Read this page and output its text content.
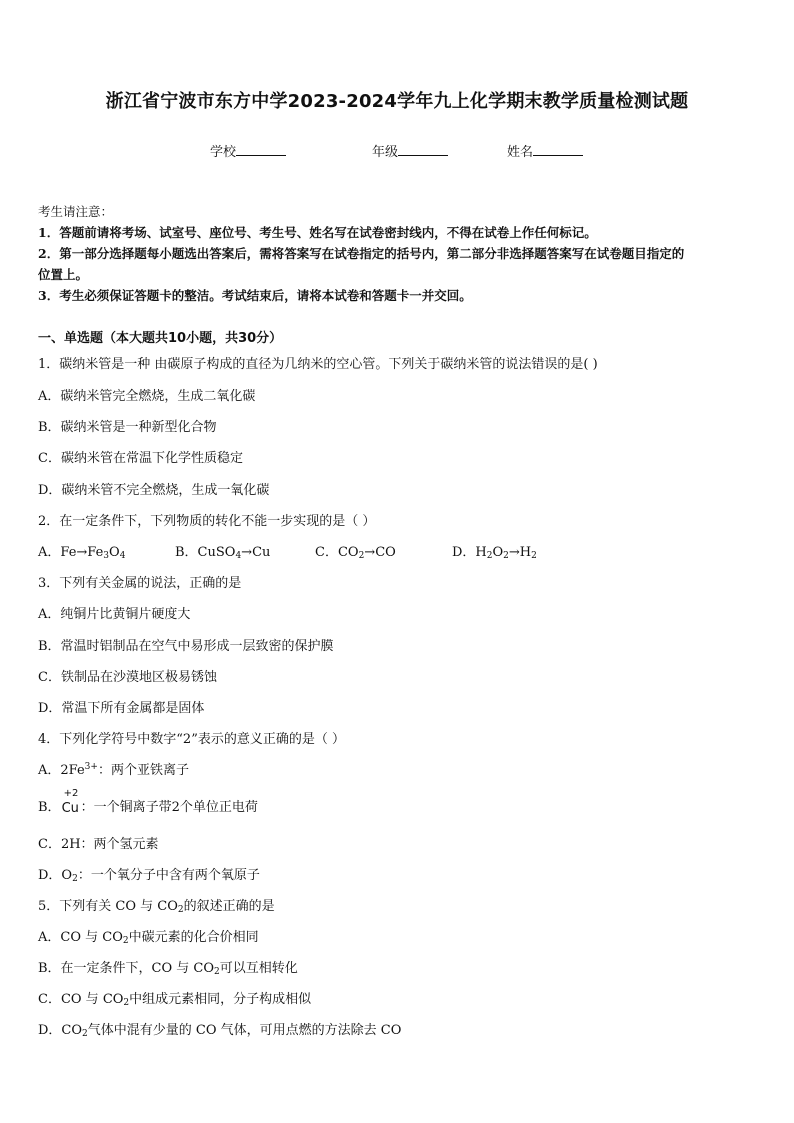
浙江省宁波市东方中学2023-2024学年九上化学期末教学质量检测试题
学校	年级	姓名
考生请注意：
1．答题前请将考场、试室号、座位号、考生号、姓名写在试卷密封线内，不得在试卷上作任何标记。
2．第一部分选择题每小题选出答案后，需将答案写在试卷指定的括号内，第二部分非选择题答案写在试卷题目指定的
位置上。
3．考生必须保证答题卡的整洁。考试结束后，请将本试卷和答题卡一并交回。
一、单选题（本大题共10小题，共30分）
1．碳纳米管是一种 由碳原子构成的直径为几纳米的空心管。下列关于碳纳米管的说法错误的是( )
A．碳纳米管完全燃烧，生成二氧化碳
B．碳纳米管是一种新型化合物
C．碳纳米管在常温下化学性质稳定
D．碳纳米管不完全燃烧，生成一氧化碳
2．在一定条件下，下列物质的转化不能一步实现的是（ ）
A．$Fe\to Fe_3O_4$	B．CuSO$_4$→Cu	C．$CO_2\to CO$	D．$H_2O_2\to H_2$
3．下列有关金属的说法，正确的是
A．纯铜片比黄铜片硬度大
B．常温时铝制品在空气中易形成一层致密的保护膜
C．铁制品在沙漠地区极易锈蚀
D．常温下所有金属都是固体
4．下列化学符号中数字“2”表示的意义正确的是（ ）
A．$2Fe^{3+}$：两个亚铁离子
B．
+2
Cu ：一个铜离子带2个单位正电荷
C．2H：两个氢元素
D．$O_2$：一个氧分子中含有两个氧原子
5．下列有关 CO 与 $CO_2$的叙述正确的是
A．CO 与 $CO_2$中碳元素的化合价相同
B．在一定条件下，CO 与 $CO_2$可以互相转化
C．CO 与 $CO_2$中组成元素相同，分子构成相似
D．$CO_2$气体中混有少量的 CO 气体，可用点燃的方法除去 CO
